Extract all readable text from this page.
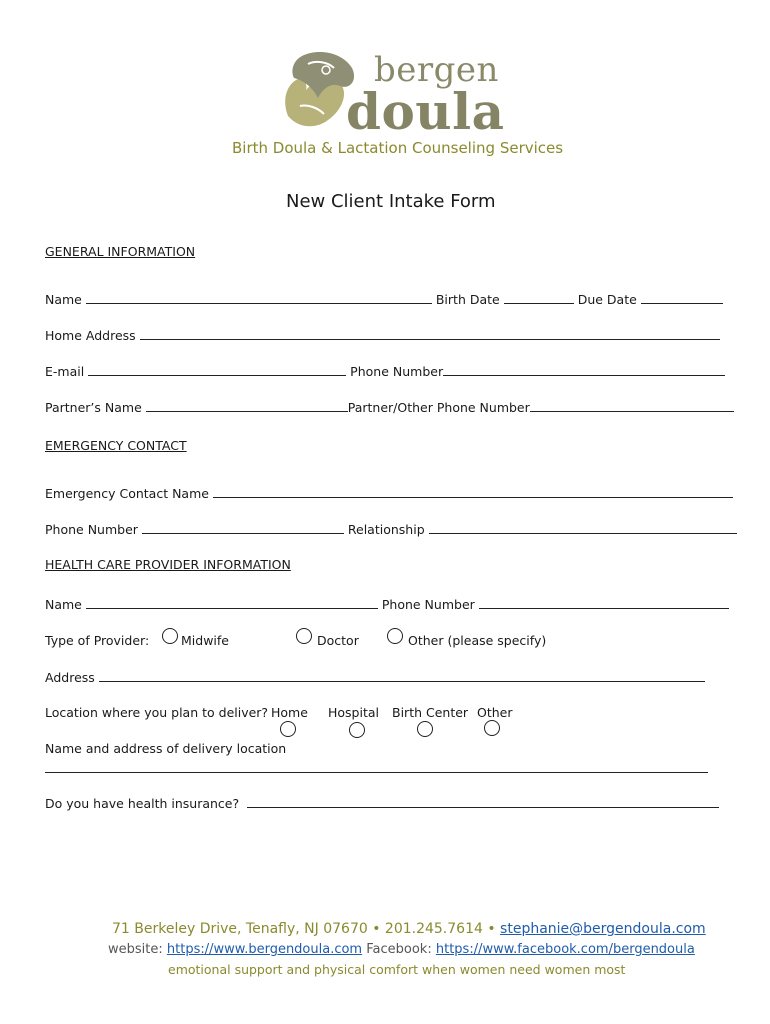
bergen
doula
Birth Doula & Lactation Counseling Services
New Client Intake Form
GENERAL INFORMATION
Name	Birth Date	Due Date
Home Address
E-mail	Phone Number
Partner’s Name	Partner/Other Phone Number
EMERGENCY CONTACT
Emergency Contact Name
Phone Number	Relationship
HEALTH CARE PROVIDER INFORMATION
Name	Phone Number
Type of Provider:	Midwife	Doctor	Other (please specify)
Address
Location where you plan to deliver? Home Hospital Birth Center Other
Name and address of delivery location
Do you have health insurance?
71 Berkeley Drive, Tenafly, NJ 07670 • 201.245.7614 • stephanie@bergendoula.com
website: https://www.bergendoula.com Facebook: https://www.facebook.com/bergendoula
emotional support and physical comfort when women need women most
